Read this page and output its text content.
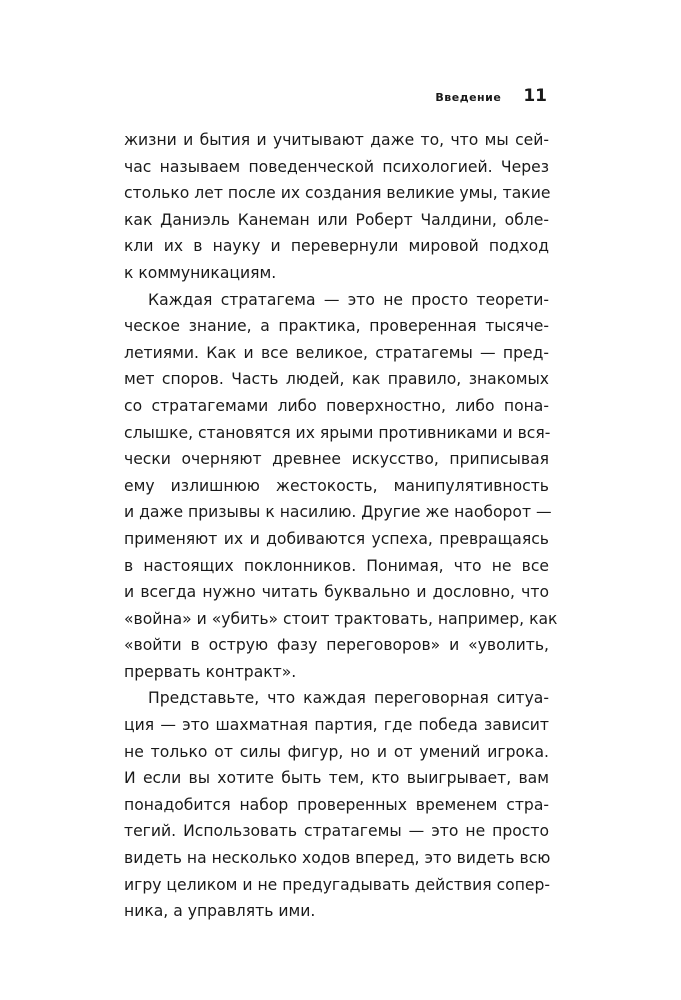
Введение 11
жизни и бытия и учитывают даже то, что мы сей-
час называем поведенческой психологией. Через
столько лет после их создания великие умы, такие
как Даниэль Канеман или Роберт Чалдини, обле-
кли их в науку и перевернули мировой подход
к коммуникациям.
Каждая стратагема — это не просто теорети-
ческое знание, а практика, проверенная тысяче-
летиями. Как и все великое, стратагемы — пред-
мет споров. Часть людей, как правило, знакомых
со стратагемами либо поверхностно, либо пона-
слышке, становятся их ярыми противниками и вся-
чески очерняют древнее искусство, приписывая
ему излишнюю жестокость, манипулятивность
и даже призывы к насилию. Другие же наоборот —
применяют их и добиваются успеха, превращаясь
в настоящих поклонников. Понимая, что не все
и всегда нужно читать буквально и дословно, что
«война» и «убить» стоит трактовать, например, как
«войти в острую фазу переговоров» и «уволить,
прервать контракт».
Представьте, что каждая переговорная ситуа-
ция — это шахматная партия, где победа зависит
не только от силы фигур, но и от умений игрока.
И если вы хотите быть тем, кто выигрывает, вам
понадобится набор проверенных временем стра-
тегий. Использовать стратагемы — это не просто
видеть на несколько ходов вперед, это видеть всю
игру целиком и не предугадывать действия сопер-
ника, а управлять ими.
